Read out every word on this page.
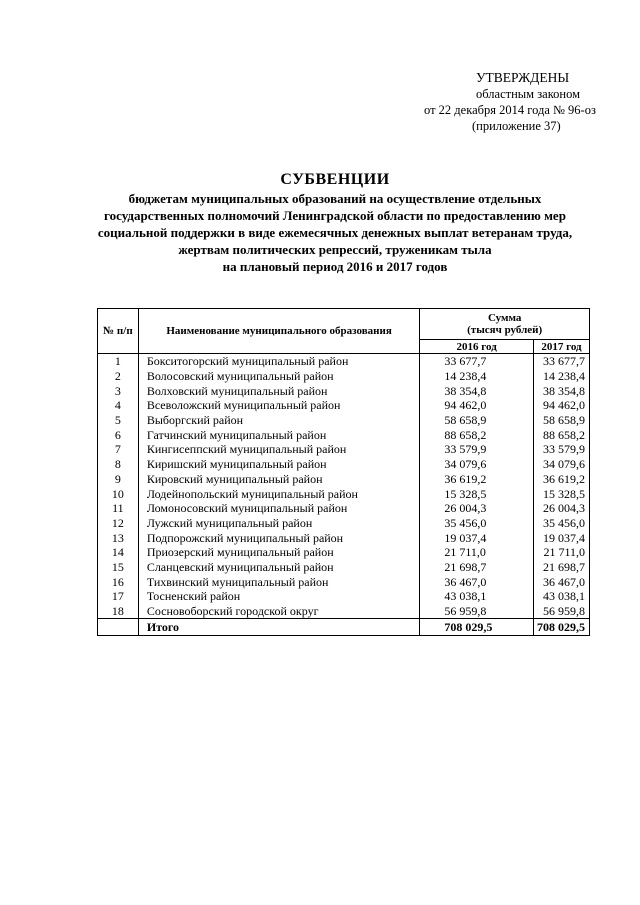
УТВЕРЖДЕНЫ
областным законом
от 22 декабря 2014 года № 96-оз
(приложение 37)
СУБВЕНЦИИ
бюджетам муниципальных образований на осуществление отдельных
государственных полномочий Ленинградской области по предоставлению мер
социальной поддержки в виде ежемесячных денежных выплат ветеранам труда,
жертвам политических репрессий, труженикам тыла
на плановый период 2016 и 2017 годов
№ п/п	Наименование муниципального образования	Сумма
(тысяч рублей)	

		2016 год	2017 год
1	Бокситогорский муниципальный район	33 677,7	33 677,7
2	Волосовский муниципальный район	14 238,4	14 238,4
3	Волховский муниципальный район	38 354,8	38 354,8
4	Всеволожский муниципальный район	94 462,0	94 462,0
5	Выборгский район	58 658,9	58 658,9
6	Гатчинский муниципальный район	88 658,2	88 658,2
7	Кингисеппский муниципальный район	33 579,9	33 579,9
8	Киришский муниципальный район	34 079,6	34 079,6
9	Кировский муниципальный район	36 619,2	36 619,2
10	Лодейнопольский муниципальный район	15 328,5	15 328,5
11	Ломоносовский муниципальный район	26 004,3	26 004,3
12	Лужский муниципальный район	35 456,0	35 456,0
13	Подпорожский муниципальный район	19 037,4	19 037,4
14	Приозерский муниципальный район	21 711,0	21 711,0
15	Сланцевский муниципальный район	21 698,7	21 698,7
16	Тихвинский муниципальный район	36 467,0	36 467,0
17	Тосненский район	43 038,1	43 038,1
18	Сосновоборский городской округ	56 959,8	56 959,8
	Итого	708 029,5	708 029,5
